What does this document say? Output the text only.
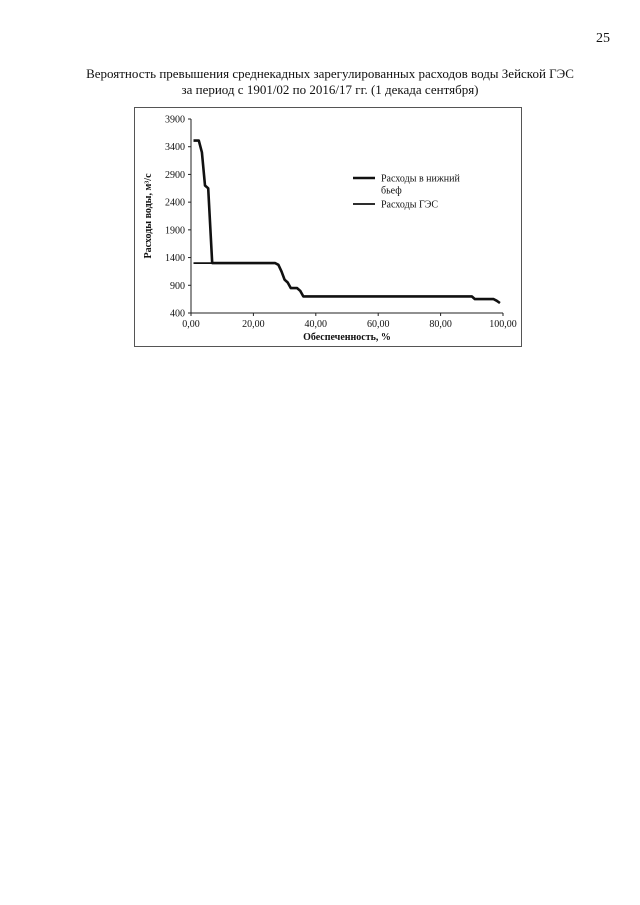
25
Вероятность превышения среднекадных зарегулированных расходов воды Зейской ГЭС
за период с 1901/02 по 2016/17 гг. (1 декада сентября)
400
900
1400
1900
2400
2900
3400
3900
0,00	20,00	40,00	60,00	80,00	100,00
Расходы в нижний бьеф
Расходы ГЭС
Расходы воды, м³/с
Обеспеченность, %
